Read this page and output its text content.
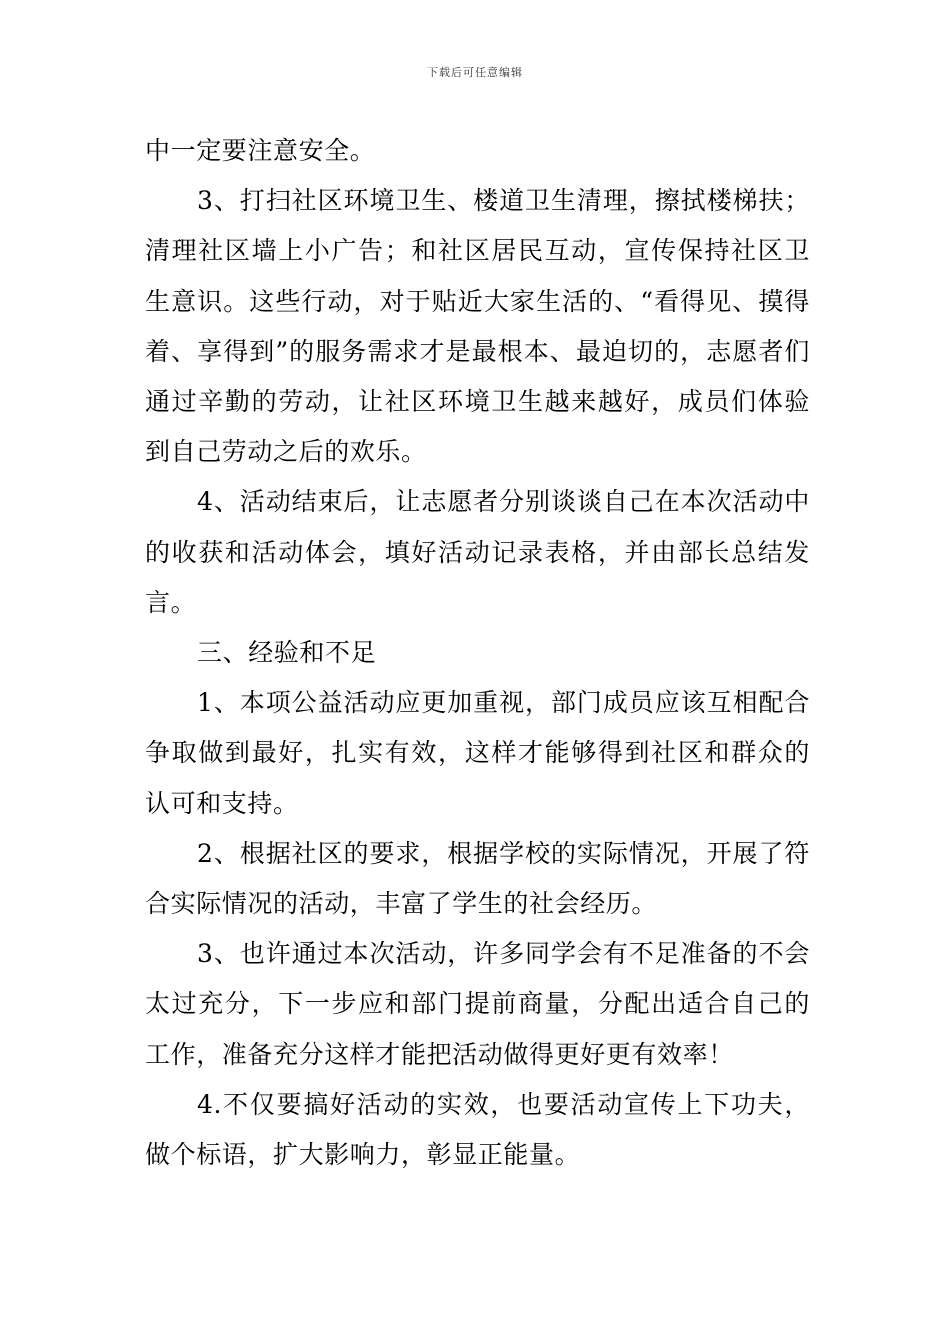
下载后可任意编辑

中一定要注意安全。

3、打扫社区环境卫生、楼道卫生清理，擦拭楼梯扶；清理社区墙上小广告；和社区居民互动，宣传保持社区卫生意识。这些行动，对于贴近大家生活的、“看得见、摸得着、享得到”的服务需求才是最根本、最迫切的，志愿者们通过辛勤的劳动，让社区环境卫生越来越好，成员们体验到自己劳动之后的欢乐。

4、活动结束后，让志愿者分别谈谈自己在本次活动中的收获和活动体会，填好活动记录表格，并由部长总结发言。

三、经验和不足

1、本项公益活动应更加重视，部门成员应该互相配合争取做到最好，扎实有效，这样才能够得到社区和群众的认可和支持。

2、根据社区的要求，根据学校的实际情况，开展了符合实际情况的活动，丰富了学生的社会经历。

3、也许通过本次活动，许多同学会有不足准备的不会太过充分，下一步应和部门提前商量，分配出适合自己的工作，准备充分这样才能把活动做得更好更有效率！

4.不仅要搞好活动的实效，也要活动宣传上下功夫，做个标语，扩大影响力，彰显正能量。
